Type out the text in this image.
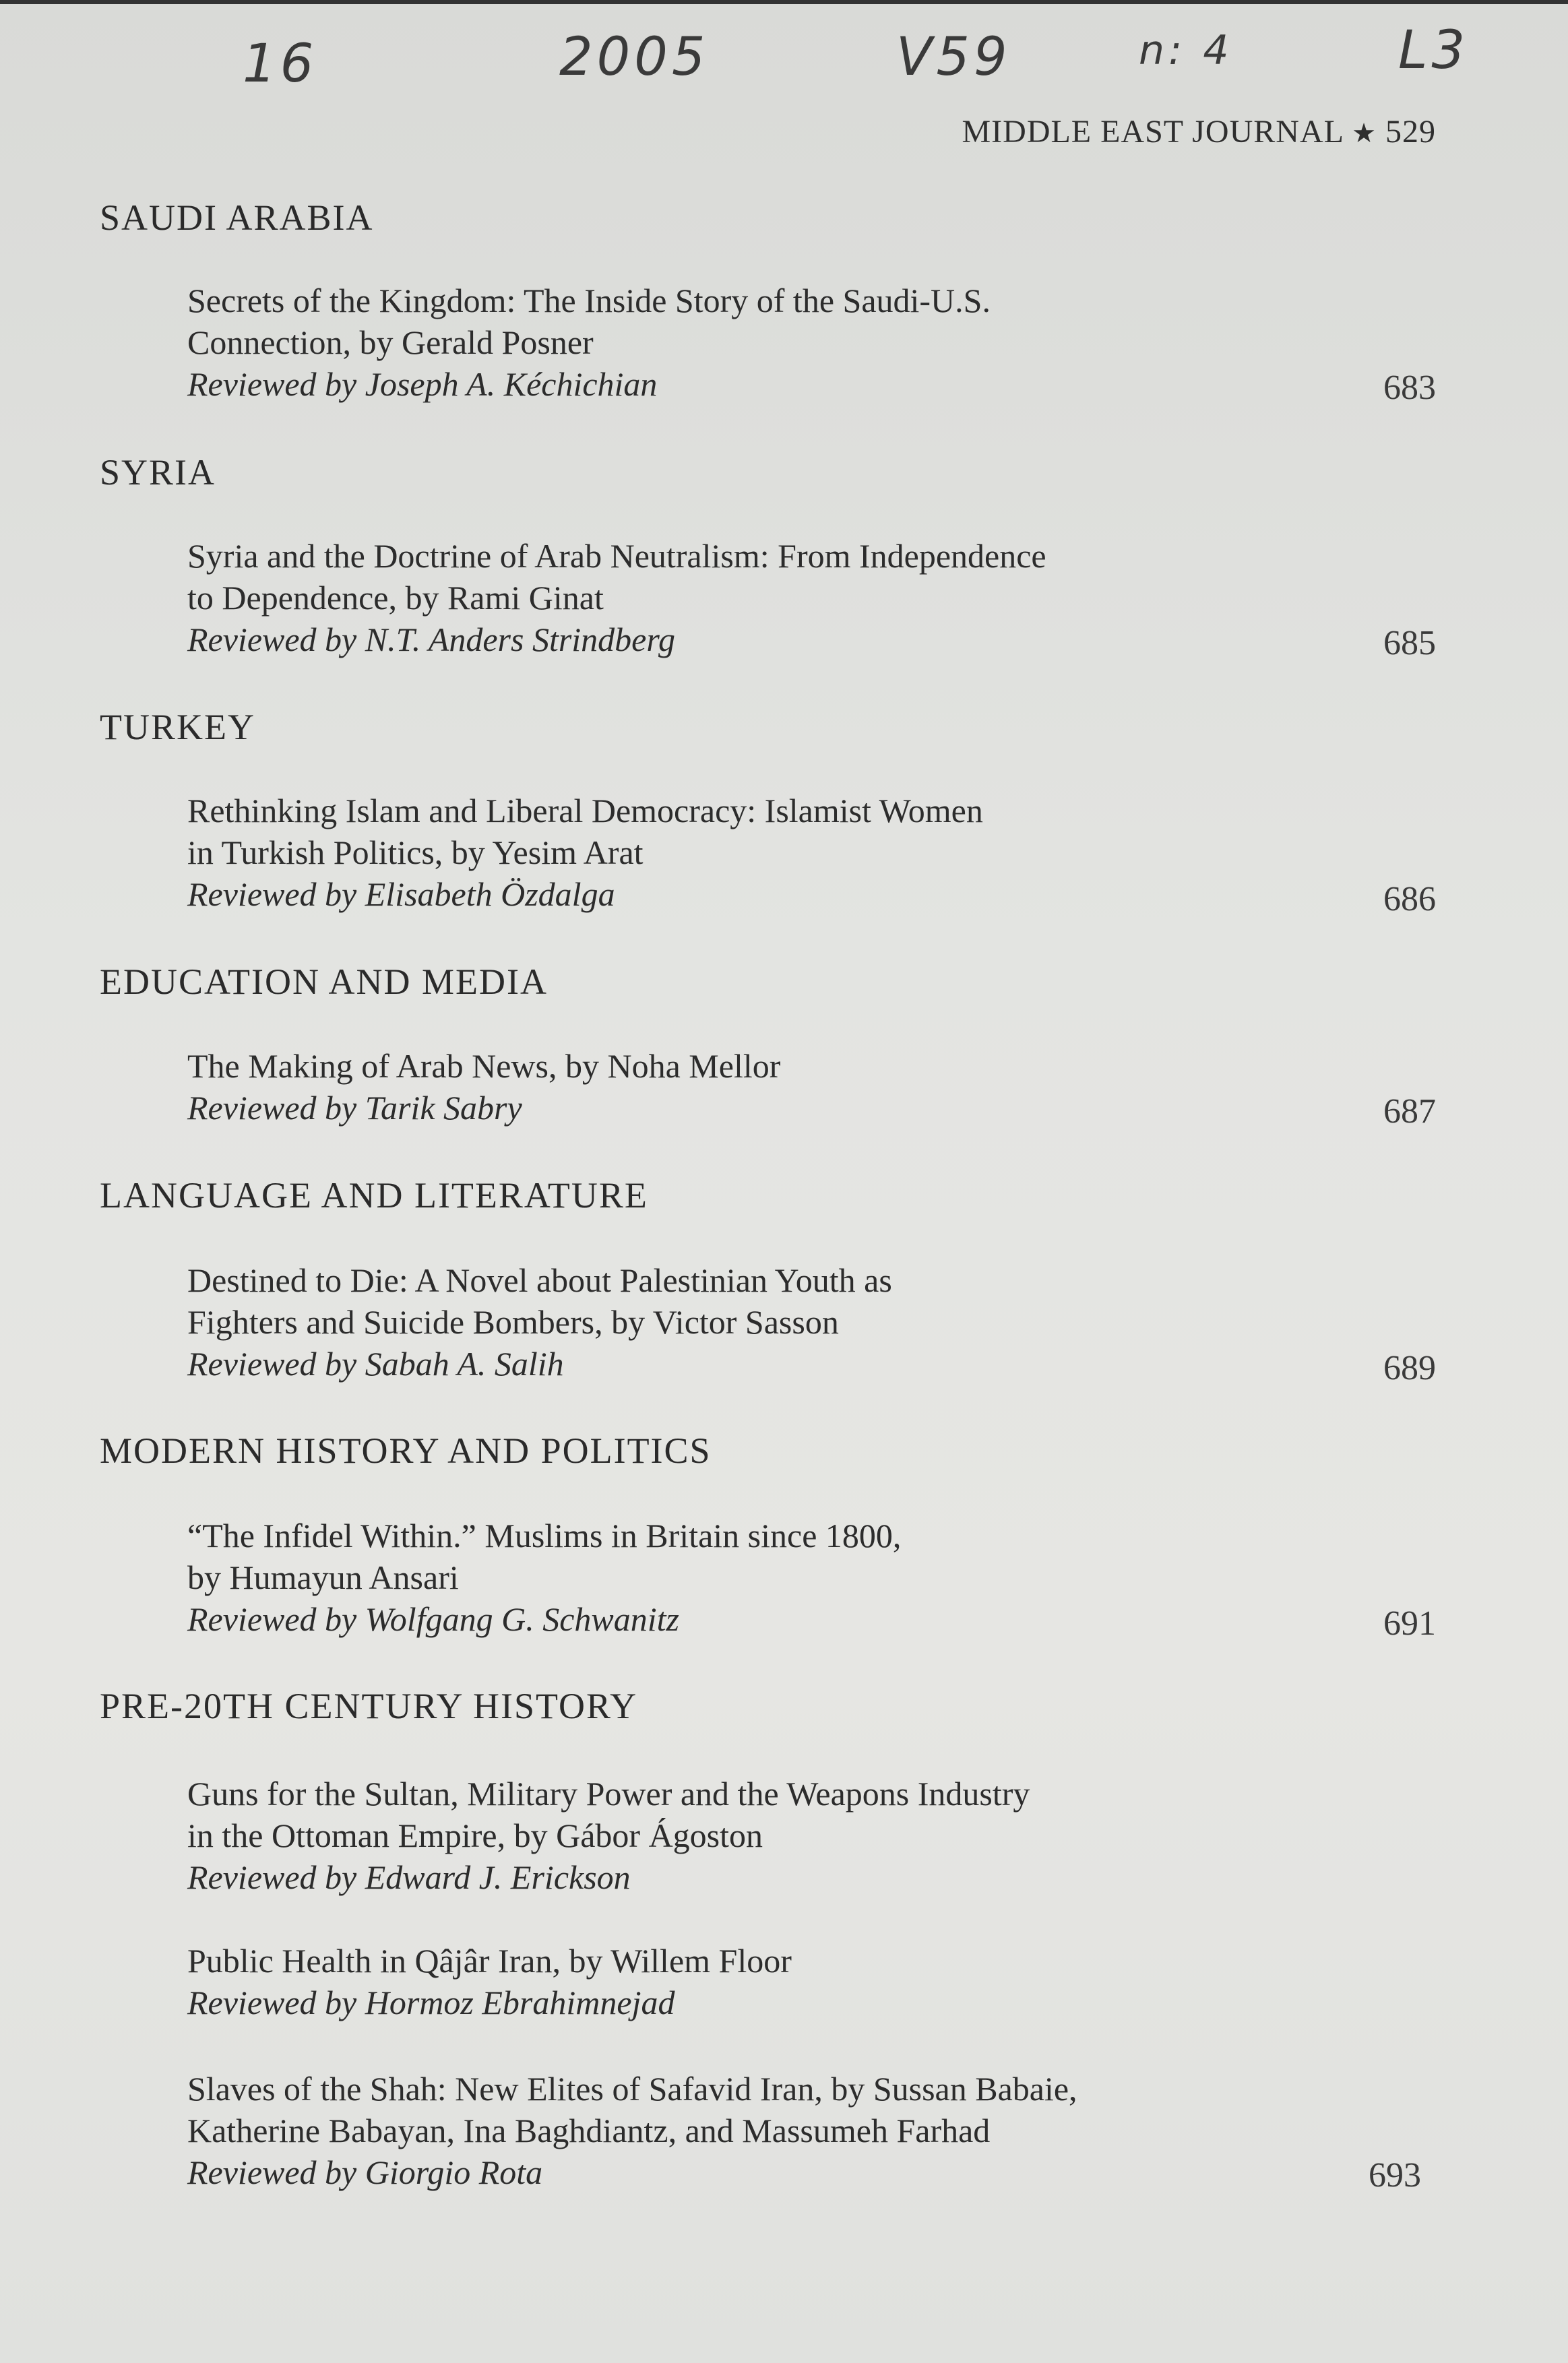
16	2005	V59	n: 4	L3
MIDDLE EAST JOURNAL ★ 529
SAUDI ARABIA
Secrets of the Kingdom: The Inside Story of the Saudi-U.S.
Connection, by Gerald Posner
Reviewed by Joseph A. Kéchichian	683
SYRIA
Syria and the Doctrine of Arab Neutralism: From Independence
to Dependence, by Rami Ginat
Reviewed by N.T. Anders Strindberg	685
TURKEY
Rethinking Islam and Liberal Democracy: Islamist Women
in Turkish Politics, by Yesim Arat
Reviewed by Elisabeth Özdalga	686
EDUCATION AND MEDIA
The Making of Arab News, by Noha Mellor
Reviewed by Tarik Sabry	687
LANGUAGE AND LITERATURE
Destined to Die: A Novel about Palestinian Youth as
Fighters and Suicide Bombers, by Victor Sasson
Reviewed by Sabah A. Salih	689
MODERN HISTORY AND POLITICS
“The Infidel Within.” Muslims in Britain since 1800,
by Humayun Ansari
Reviewed by Wolfgang G. Schwanitz	691
PRE-20TH CENTURY HISTORY
Guns for the Sultan, Military Power and the Weapons Industry
in the Ottoman Empire, by Gábor Ágoston
Reviewed by Edward J. Erickson
Public Health in Qâjâr Iran, by Willem Floor
Reviewed by Hormoz Ebrahimnejad
Slaves of the Shah: New Elites of Safavid Iran, by Sussan Babaie,
Katherine Babayan, Ina Baghdiantz, and Massumeh Farhad
Reviewed by Giorgio Rota	693
